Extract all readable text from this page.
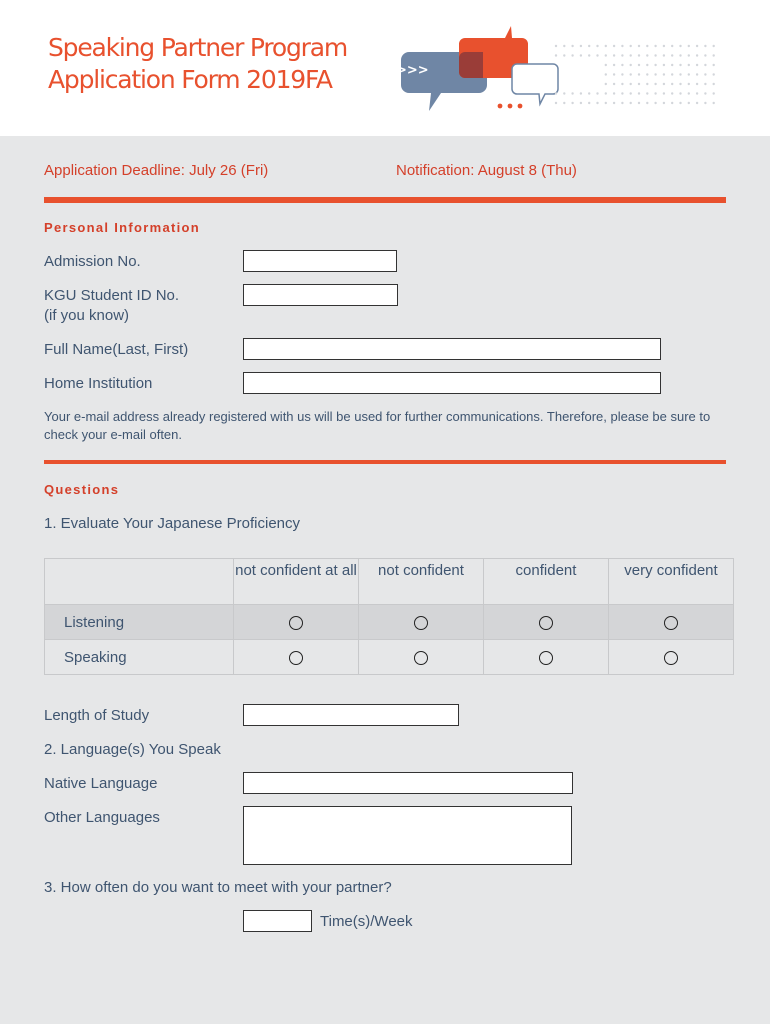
Speaking Partner Program
Application Form 2019FA	>>>
Application Deadline: July 26 (Fri)	Notification: August 8 (Thu)
Personal Information
Admission No.
KGU Student ID No.
(if you know)
Full Name(Last, First)
Home Institution
Your e-mail address already registered with us will be used for further communications. Therefore, please be sure to check your e-mail often.
Questions
1. Evaluate Your Japanese Proficiency
	not confident at all	not confident	confident	very confident
Listening				
Speaking				
Length of Study
2. Language(s) You Speak
Native Language
Other Languages
3. How often do you want to meet with your partner?
Time(s)/Week
